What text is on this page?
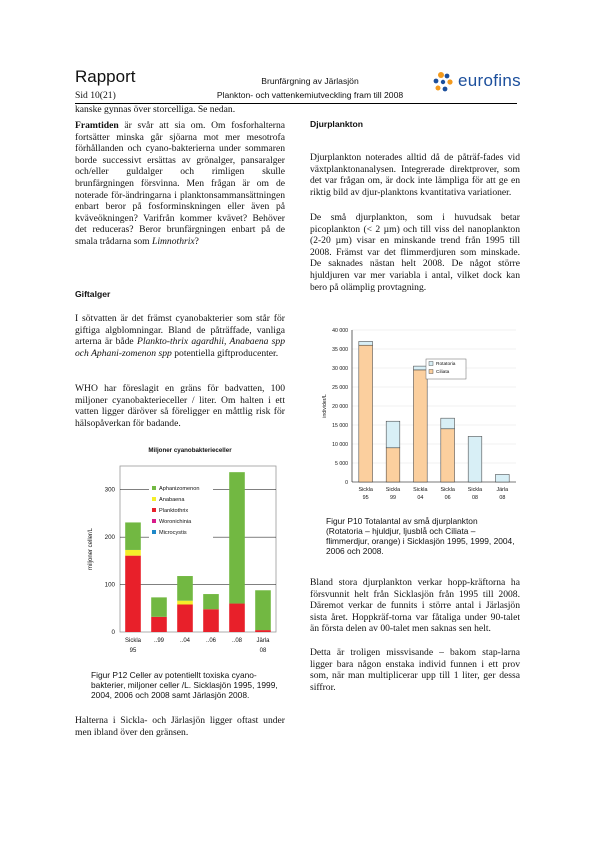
Rapport
Sid 10(21)
Brunfärgning av Järlasjön
Plankton- och vattenkemiutveckling fram till 2008
eurofins
kanske gynnas över storcelliga. Se nedan.

Framtiden är svår att sia om. Om fosforhalterna fortsätter minska går sjöarna mot mer mesotrofa förhållanden och cyano-bakterierna under sommaren borde successivt ersättas av grönalger, pansaralger och/eller guldalger och rimligen skulle brunfärgningen försvinna. Men frågan är om de noterade för-ändringarna i planktonsammansättningen enbart beror på fosforminskningen eller även på kväveökningen? Varifrån kommer kvävet? Behöver det reduceras? Beror brunfärgningen enbart på de smala trådarna som Limnothrix?

Giftalger

I sötvatten är det främst cyanobakterier som står för giftiga algblomningar. Bland de påträffade, vanliga arterna är både Plankto-thrix agardhii, Anabaena spp och Aphani-zomenon spp potentiella giftproducenter.

WHO har föreslagit en gräns för badvatten, 100 miljoner cyanobakterieceller / liter. Om halten i ett vatten ligger däröver så föreligger en måttlig risk för hälsopåverkan för badande.

Miljoner cyanobakterieceller
0
100
200
300
miljoner celler/L
Sickla
95
..99	..04	..06	..08 Järla
08
Aphanizomenon
Anabaena
Planktothrix
Woronichinia
Microcystis
Figur P12 Celler av potentiellt toxiska cyano-bakterier, miljoner celler /L. Sicklasjön 1995, 1999, 2004, 2006 och 2008 samt Järlasjön 2008.

Halterna i Sickla- och Järlasjön ligger oftast under men ibland över den gränsen.

Djurplankton

Djurplankton noterades alltid då de påträf-fades vid växtplanktonanalysen. Integrerade direktprover, som det var frågan om, är dock inte lämpliga för att ge en riktig bild av djur-planktons kvantitativa variationer.

De små djurplankton, som i huvudsak betar picoplankton (< 2 µm) och till viss del nanoplankton (2-20 µm) visar en minskande trend från 1995 till 2008. Främst var det flimmerdjuren som minskade. De saknades nästan helt 2008. De något större hjuldjuren var mer variabla i antal, vilket dock kan bero på olämplig provtagning.

0
5 000
10 000
15 000
20 000
25 000
30 000
35 000
40 000
individer/L
Sickla
95
Sickla
99
Sickla
04
Sickla
06
Sickla
08
Järla
08
Rotatoria
Ciliata
Figur P10 Totalantal av små djurplankton (Rotatoria – hjuldjur, ljusblå och Ciliata – flimmerdjur, orange) i Sicklasjön 1995, 1999, 2004, 2006 och 2008.

Bland stora djurplankton verkar hopp-kräftorna ha försvunnit helt från Sicklasjön från 1995 till 2008. Däremot verkar de funnits i större antal i Järlasjön sista året. Hoppkräf-torna var fåtaliga under 90-talet än första delen av 00-talet men saknas sen helt.

Detta är troligen missvisande – bakom stap-larna ligger bara någon enstaka individ funnen i ett prov som, när man multiplicerar upp till 1 liter, ger dessa siffror.
